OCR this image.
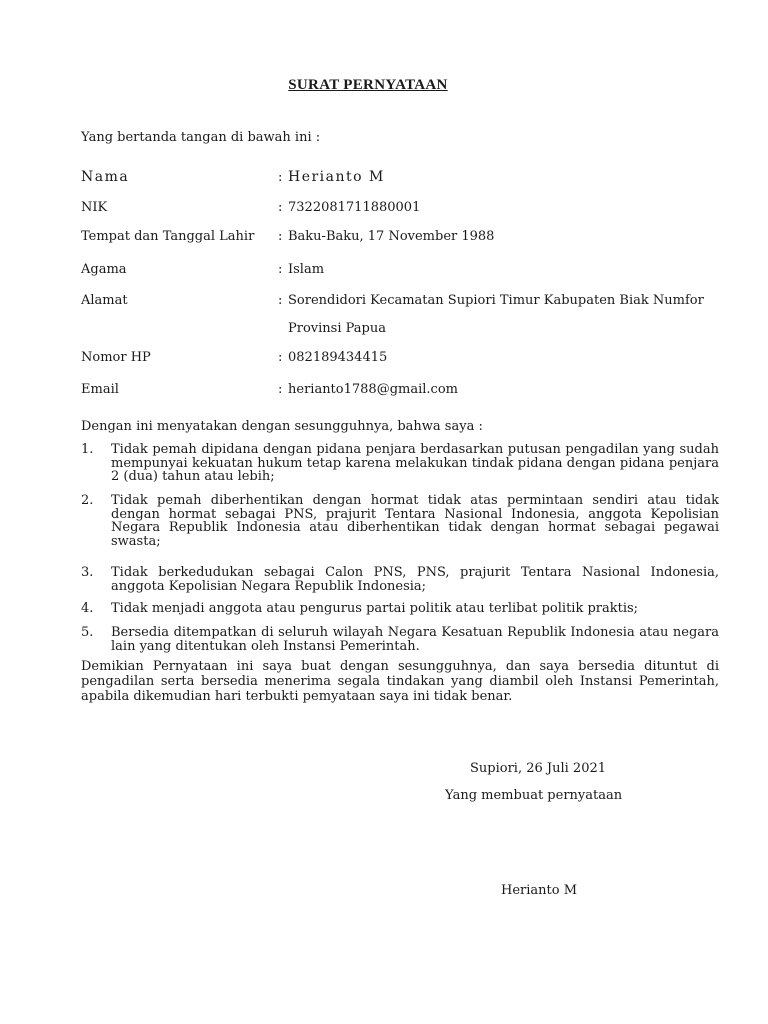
SURAT PERNYATAAN
Yang bertanda tangan di bawah ini :
Nama	: Herianto M
NIK	: 7322081711880001
Tempat dan Tanggal Lahir : Baku-Baku, 17 November 1988
Agama	: Islam
Alamat	: Sorendidori Kecamatan Supiori Timur Kabupaten Biak Numfor
Provinsi Papua
Nomor HP	: 082189434415
Email	: herianto1788@gmail.com
Dengan ini menyatakan dengan sesungguhnya, bahwa saya :
1. Tidak pemah dipidana dengan pidana penjara berdasarkan putusan pengadilan yang sudah mempunyai kekuatan hukum tetap karena melakukan tindak pidana dengan pidana penjara 2 (dua) tahun atau lebih;
2. Tidak pemah diberhentikan dengan hormat tidak atas permintaan sendiri atau tidak dengan hormat sebagai PNS, prajurit Tentara Nasional Indonesia, anggota Kepolisian Negara Republik Indonesia atau diberhentikan tidak dengan hormat sebagai pegawai swasta;
3. Tidak berkedudukan sebagai Calon PNS, PNS, prajurit Tentara Nasional Indonesia, anggota Kepolisian Negara Republik Indonesia;
4. Tidak menjadi anggota atau pengurus partai politik atau terlibat politik praktis;
5. Bersedia ditempatkan di seluruh wilayah Negara Kesatuan Republik Indonesia atau negara lain yang ditentukan oleh Instansi Pemerintah.
Demikian Pernyataan ini saya buat dengan sesungguhnya, dan saya bersedia dituntut di pengadilan serta bersedia menerima segala tindakan yang diambil oleh Instansi Pemerintah, apabila dikemudian hari terbukti pemyataan saya ini tidak benar.
Supiori, 26 Juli 2021
Yang membuat pernyataan
Herianto M
